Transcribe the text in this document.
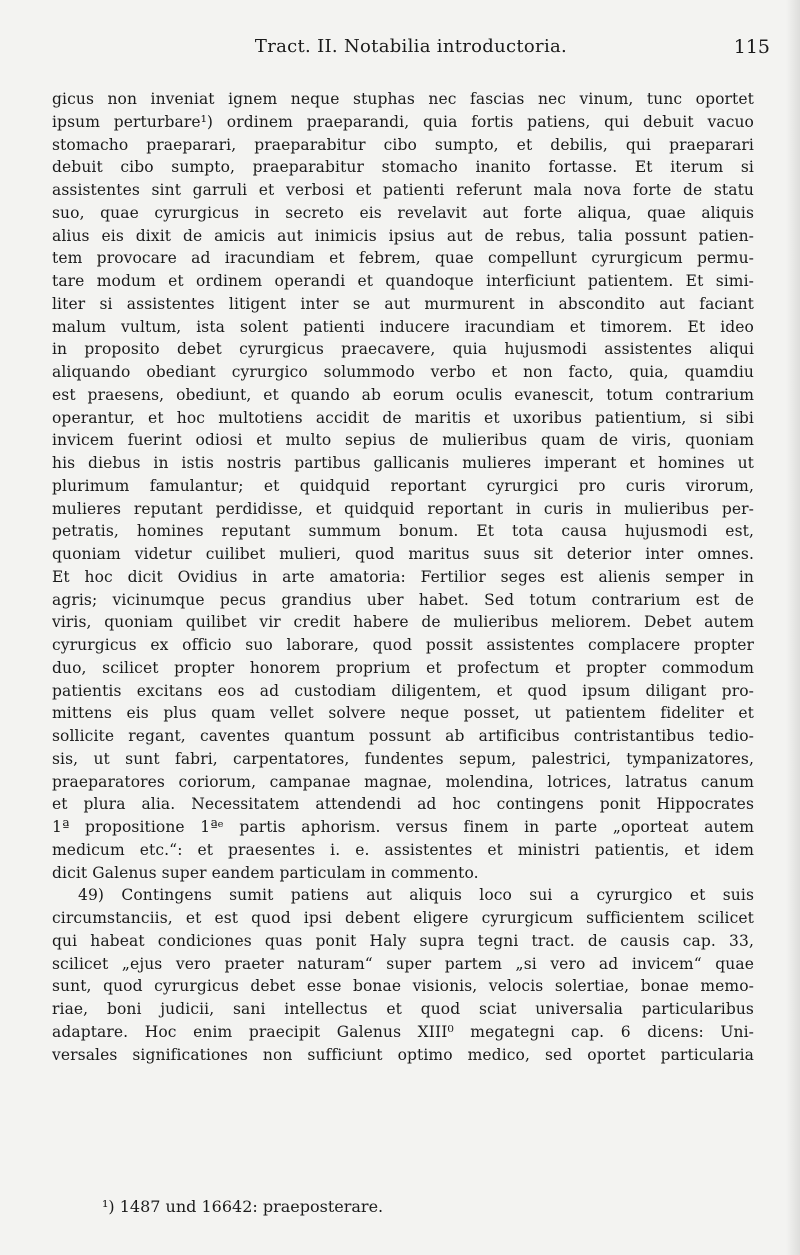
Tract. II. Notabilia introductoria.	115
gicus non inveniat ignem neque stuphas nec fascias nec vinum, tunc oportet
ipsum perturbare¹) ordinem praeparandi, quia fortis patiens, qui debuit vacuo
stomacho praeparari, praeparabitur cibo sumpto, et debilis, qui praeparari
debuit cibo sumpto, praeparabitur stomacho inanito fortasse. Et iterum si
assistentes sint garruli et verbosi et patienti referunt mala nova forte de statu
suo, quae cyrurgicus in secreto eis revelavit aut forte aliqua, quae aliquis
alius eis dixit de amicis aut inimicis ipsius aut de rebus, talia possunt patien-
tem provocare ad iracundiam et febrem, quae compellunt cyrurgicum permu-
tare modum et ordinem operandi et quandoque interficiunt patientem. Et simi-
liter si assistentes litigent inter se aut murmurent in abscondito aut faciant
malum vultum, ista solent patienti inducere iracundiam et timorem. Et ideo
in proposito debet cyrurgicus praecavere, quia hujusmodi assistentes aliqui
aliquando obediant cyrurgico solummodo verbo et non facto, quia, quamdiu
est praesens, obediunt, et quando ab eorum oculis evanescit, totum contrarium
operantur, et hoc multotiens accidit de maritis et uxoribus patientium, si sibi
invicem fuerint odiosi et multo sepius de mulieribus quam de viris, quoniam
his diebus in istis nostris partibus gallicanis mulieres imperant et homines ut
plurimum famulantur; et quidquid reportant cyrurgici pro curis virorum,
mulieres reputant perdidisse, et quidquid reportant in curis in mulieribus per-
petratis, homines reputant summum bonum. Et tota causa hujusmodi est,
quoniam videtur cuilibet mulieri, quod maritus suus sit deterior inter omnes.
Et hoc dicit Ovidius in arte amatoria: Fertilior seges est alienis semper in
agris; vicinumque pecus grandius uber habet. Sed totum contrarium est de
viris, quoniam quilibet vir credit habere de mulieribus meliorem. Debet autem
cyrurgicus ex officio suo laborare, quod possit assistentes complacere propter
duo, scilicet propter honorem proprium et profectum et propter commodum
patientis excitans eos ad custodiam diligentem, et quod ipsum diligant pro-
mittens eis plus quam vellet solvere neque posset, ut patientem fideliter et
sollicite regant, caventes quantum possunt ab artificibus contristantibus tedio-
sis, ut sunt fabri, carpentatores, fundentes sepum, palestrici, tympanizatores,
praeparatores coriorum, campanae magnae, molendina, lotrices, latratus canum
et plura alia. Necessitatem attendendi ad hoc contingens ponit Hippocrates
1ª propositione 1ªᵉ partis aphorism. versus finem in parte „oporteat autem
medicum etc.“: et praesentes i. e. assistentes et ministri patientis, et idem
dicit Galenus super eandem particulam in commento.
49) Contingens sumit patiens aut aliquis loco sui a cyrurgico et suis
circumstanciis, et est quod ipsi debent eligere cyrurgicum sufficientem scilicet
qui habeat condiciones quas ponit Haly supra tegni tract. de causis cap. 33,
scilicet „ejus vero praeter naturam“ super partem „si vero ad invicem“ quae
sunt, quod cyrurgicus debet esse bonae visionis, velocis solertiae, bonae memo-
riae, boni judicii, sani intellectus et quod sciat universalia particularibus
adaptare. Hoc enim praecipit Galenus XIII⁰ megategni cap. 6 dicens: Uni-
versales significationes non sufficiunt optimo medico, sed oportet particularia
¹) 1487 und 16642: praeposterare.
